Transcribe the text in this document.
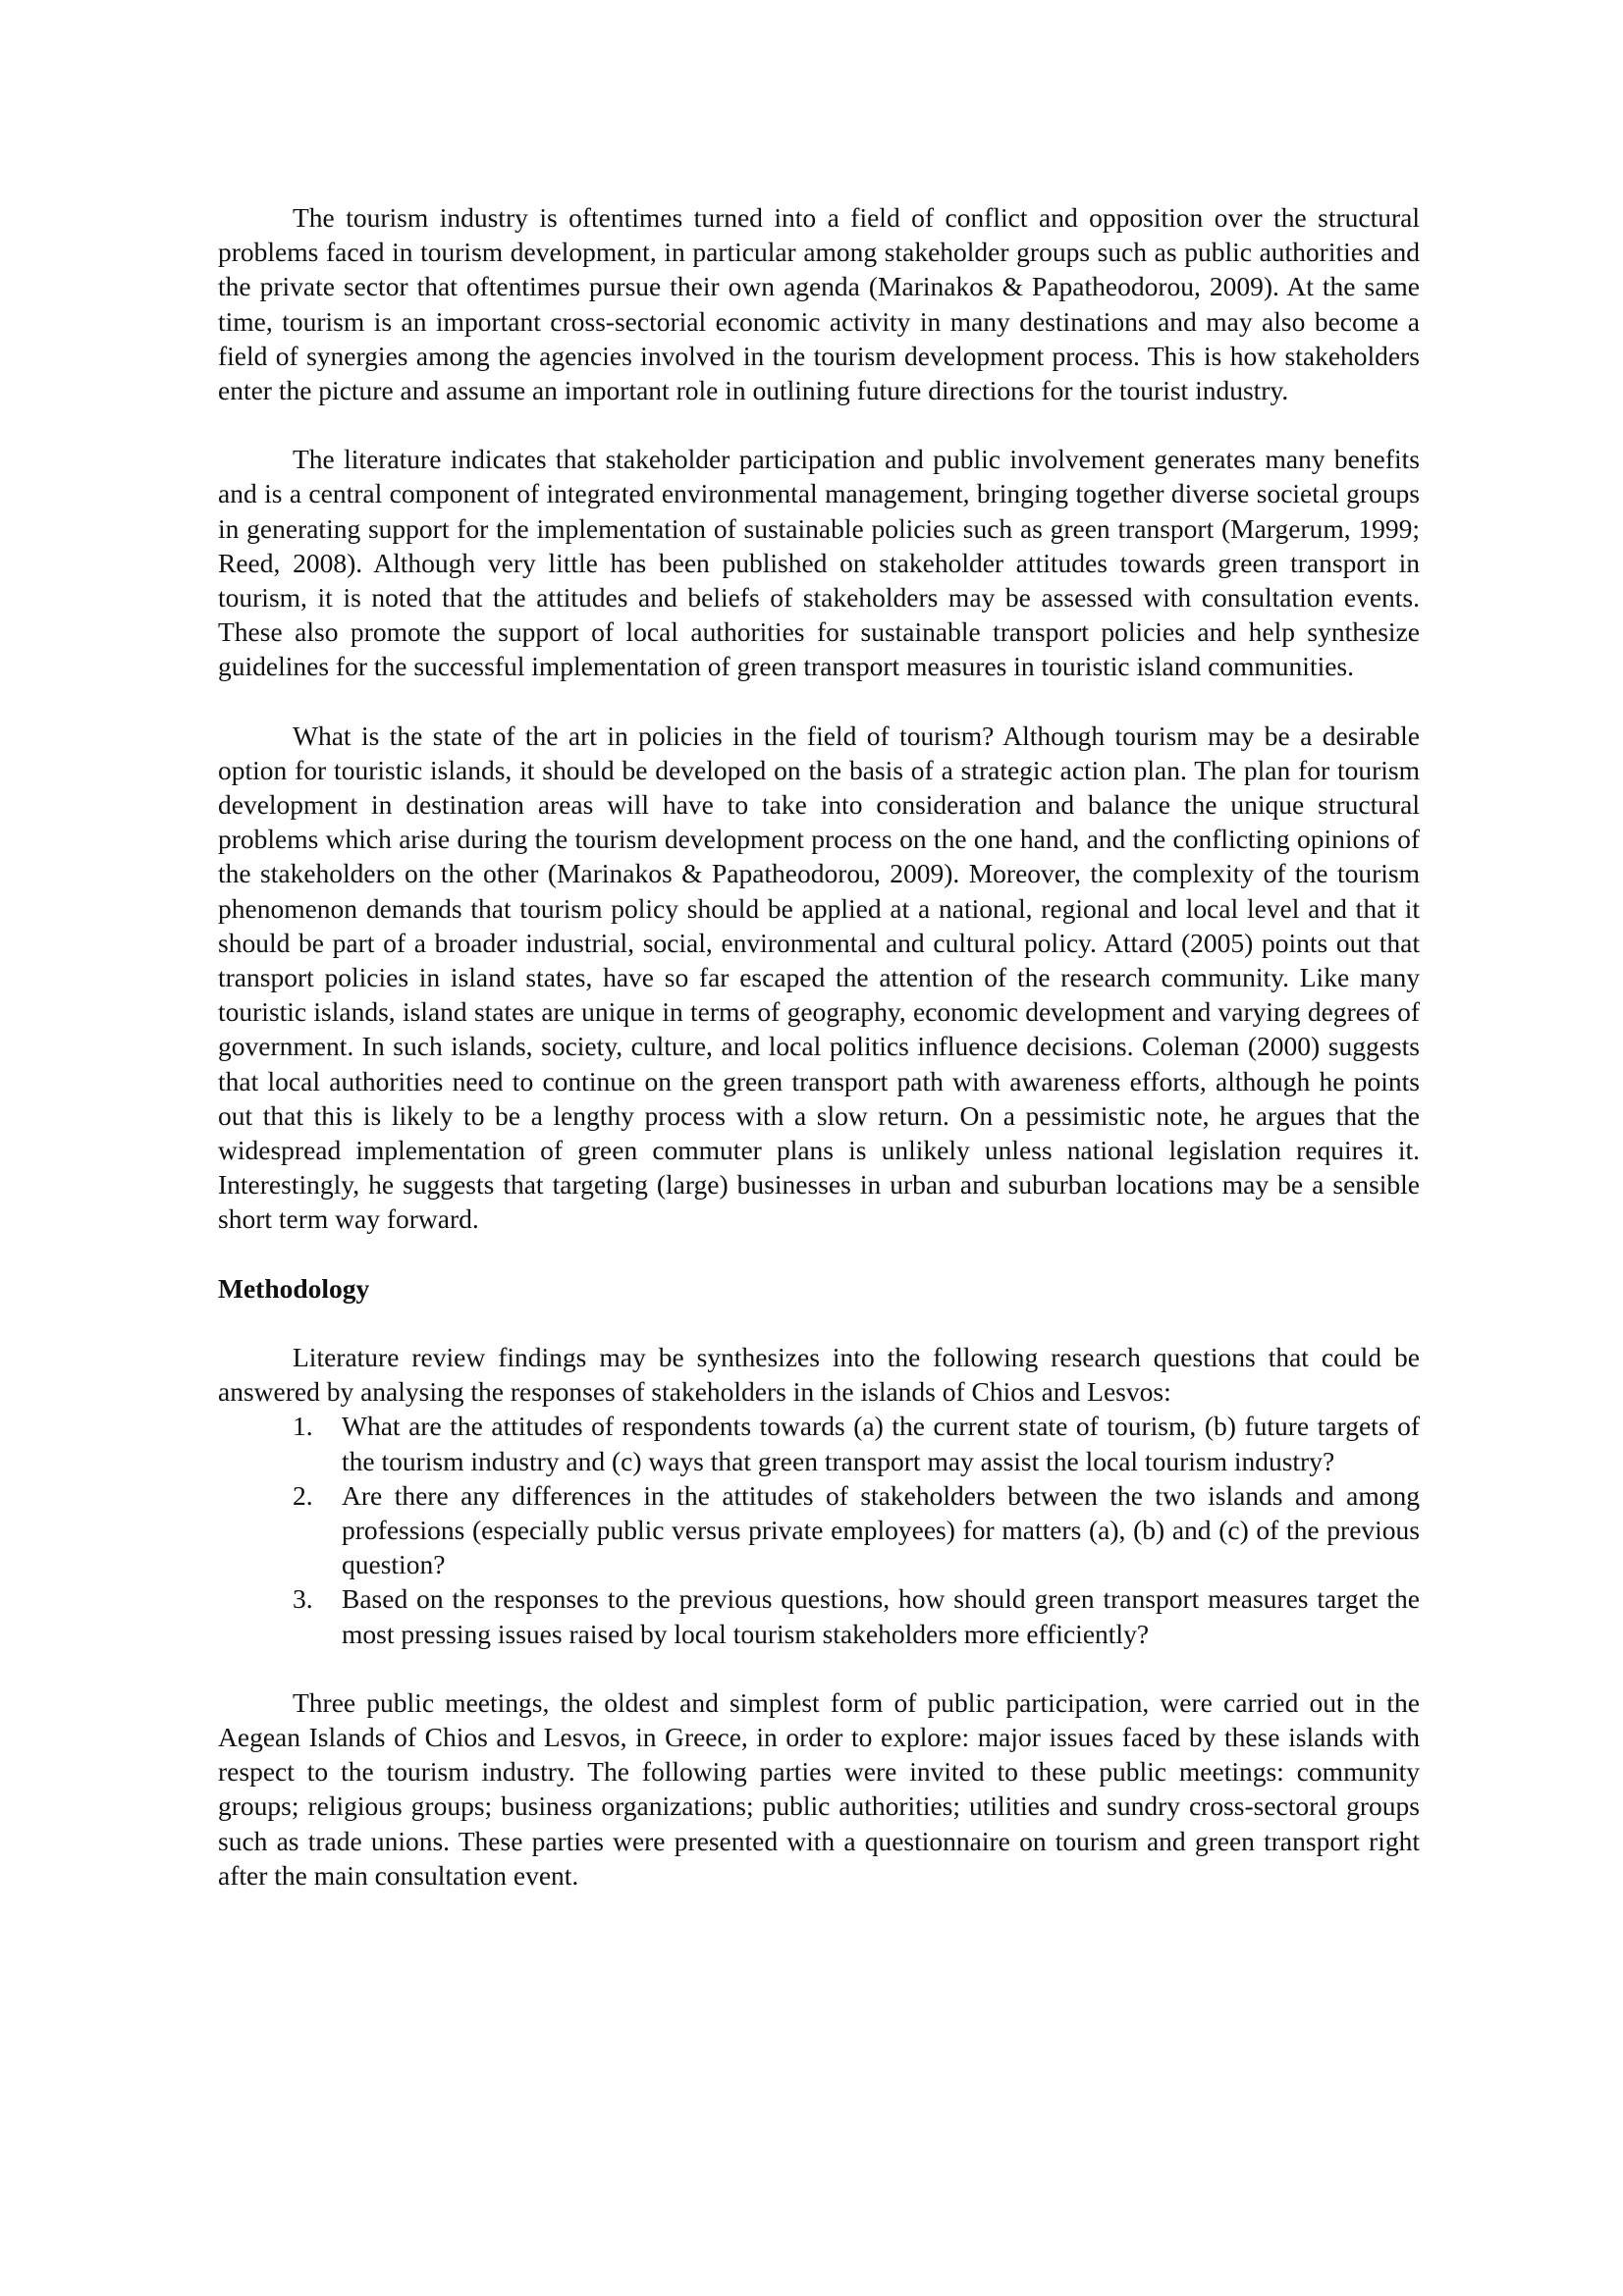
The tourism industry is oftentimes turned into a field of conflict and opposition over the structural problems faced in tourism development, in particular among stakeholder groups such as public authorities and the private sector that oftentimes pursue their own agenda (Marinakos & Papatheodorou, 2009). At the same time, tourism is an important cross-sectorial economic activity in many destinations and may also become a field of synergies among the agencies involved in the tourism development process. This is how stakeholders enter the picture and assume an important role in outlining future directions for the tourist industry.

The literature indicates that stakeholder participation and public involvement generates many benefits and is a central component of integrated environmental management, bringing together diverse societal groups in generating support for the implementation of sustainable policies such as green transport (Margerum, 1999; Reed, 2008). Although very little has been published on stakeholder attitudes towards green transport in tourism, it is noted that the attitudes and beliefs of stakeholders may be assessed with consultation events. These also promote the support of local authorities for sustainable transport policies and help synthesize guidelines for the successful implementation of green transport measures in touristic island communities.

What is the state of the art in policies in the field of tourism? Although tourism may be a desirable option for touristic islands, it should be developed on the basis of a strategic action plan. The plan for tourism development in destination areas will have to take into consideration and balance the unique structural problems which arise during the tourism development process on the one hand, and the conflicting opinions of the stakeholders on the other (Marinakos & Papatheodorou, 2009). Moreover, the complexity of the tourism phenomenon demands that tourism policy should be applied at a national, regional and local level and that it should be part of a broader industrial, social, environmental and cultural policy. Attard (2005) points out that transport policies in island states, have so far escaped the attention of the research community. Like many touristic islands, island states are unique in terms of geography, economic development and varying degrees of government. In such islands, society, culture, and local politics influence decisions. Coleman (2000) suggests that local authorities need to continue on the green transport path with awareness efforts, although he points out that this is likely to be a lengthy process with a slow return. On a pessimistic note, he argues that the widespread implementation of green commuter plans is unlikely unless national legislation requires it. Interestingly, he suggests that targeting (large) businesses in urban and suburban locations may be a sensible short term way forward.

Methodology

Literature review findings may be synthesizes into the following research questions that could be answered by analysing the responses of stakeholders in the islands of Chios and Lesvos:

1. What are the attitudes of respondents towards (a) the current state of tourism, (b) future targets of the tourism industry and (c) ways that green transport may assist the local tourism industry?
2. Are there any differences in the attitudes of stakeholders between the two islands and among professions (especially public versus private employees) for matters (a), (b) and (c) of the previous question?
3. Based on the responses to the previous questions, how should green transport measures target the most pressing issues raised by local tourism stakeholders more efficiently?

Three public meetings, the oldest and simplest form of public participation, were carried out in the Aegean Islands of Chios and Lesvos, in Greece, in order to explore: major issues faced by these islands with respect to the tourism industry. The following parties were invited to these public meetings: community groups; religious groups; business organizations; public authorities; utilities and sundry cross-sectoral groups such as trade unions. These parties were presented with a questionnaire on tourism and green transport right after the main consultation event.
